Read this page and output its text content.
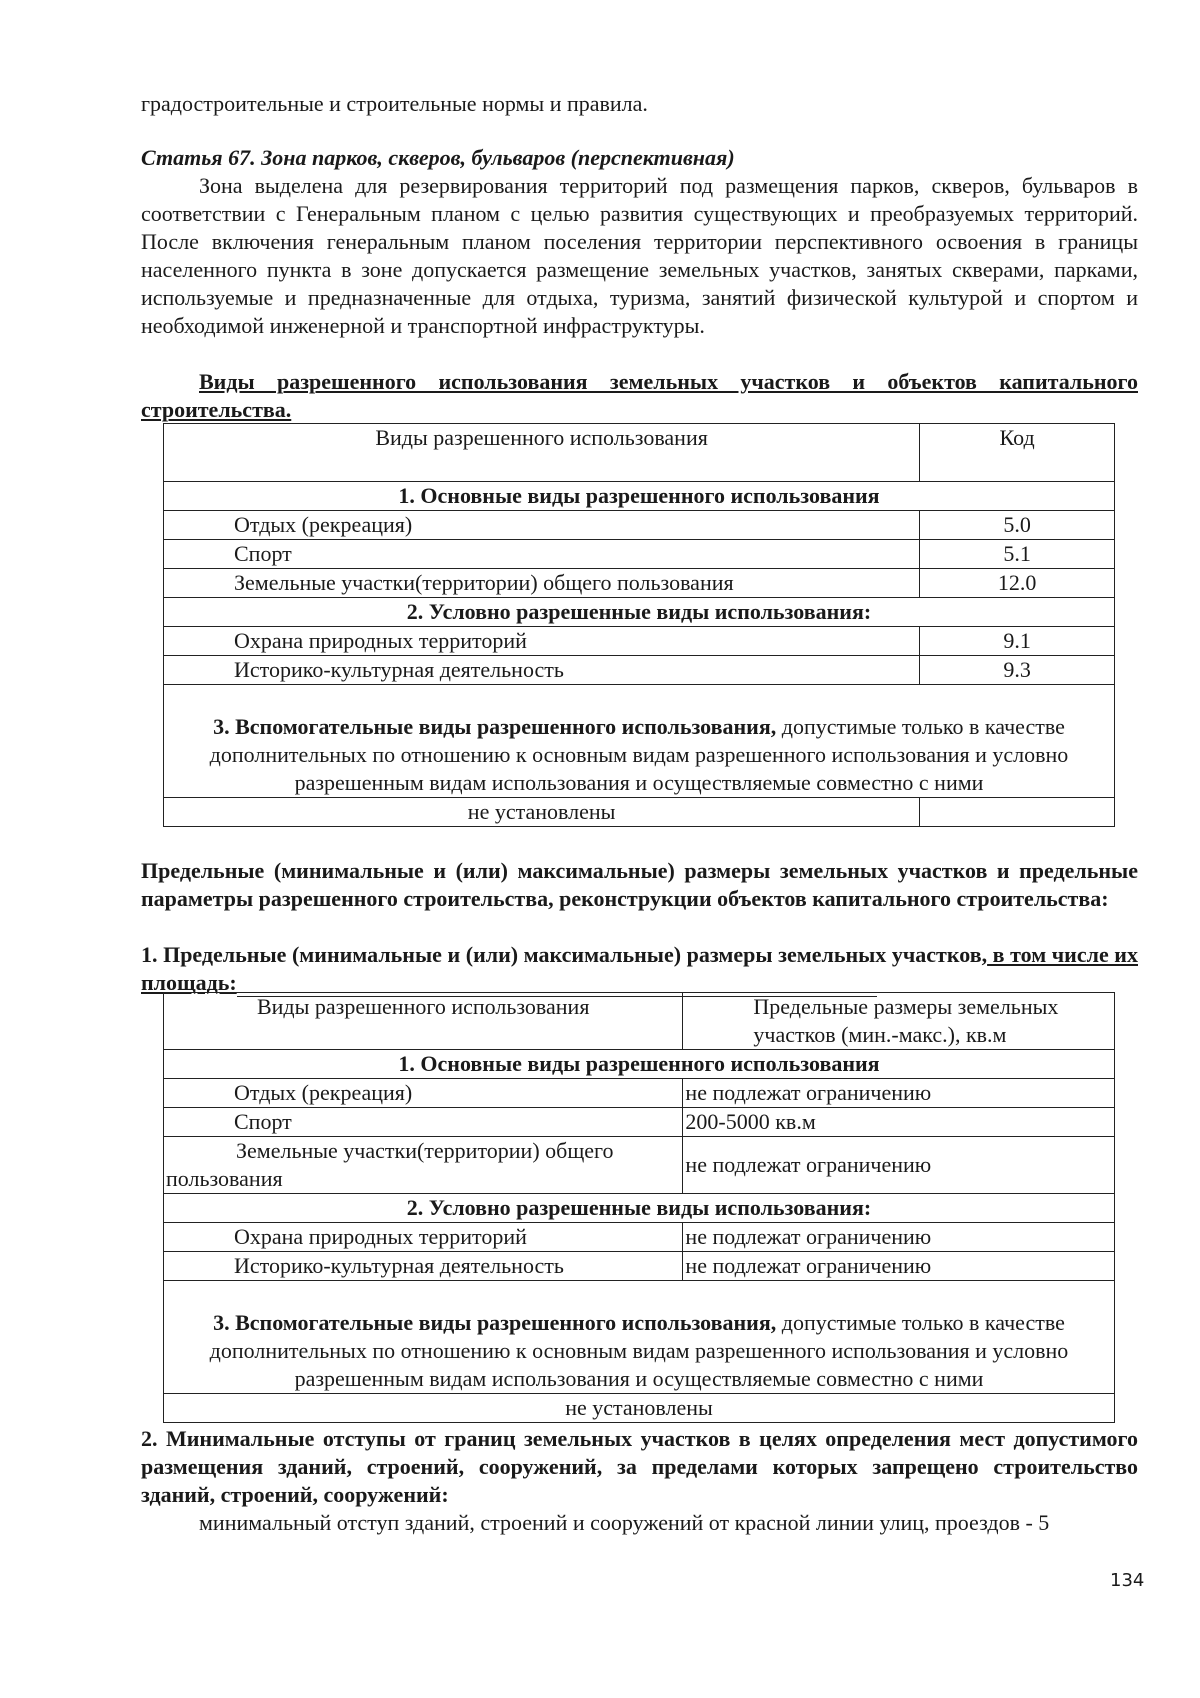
градостроительные и строительные нормы и правила.

Статья 67. Зона парков, скверов, бульваров (перспективная)

Зона выделена для резервирования территорий под размещения парков, скверов, бульваров в соответствии с Генеральным планом с целью развития существующих и преобразуемых территорий. После включения генеральным планом поселения территории перспективного освоения в границы населенного пункта в зоне допускается размещение земельных участков, занятых скверами, парками, используемые и предназначенные для отдыха, туризма, занятий физической культурой и спортом и необходимой инженерной и транспортной инфраструктуры.

Виды разрешенного использования земельных участков и объектов капитального строительства.

Виды разрешенного использования	Код
1. Основные виды разрешенного использования	
Отдых (рекреация)	5.0
Спорт	5.1
Земельные участки(территории) общего пользования	12.0
2. Условно разрешенные виды использования:	
Охрана природных территорий	9.1
Историко-культурная деятельность	9.3
3. Вспомогательные виды разрешенного использования, допустимые только в качестве дополнительных по отношению к основным видам разрешенного использования и условно разрешенным видам использования и осуществляемые совместно с ними	
не установлены	

Предельные (минимальные и (или) максимальные) размеры земельных участков и предельные параметры разрешенного строительства, реконструкции объектов капитального строительства:

1. Предельные (минимальные и (или) максимальные) размеры земельных участков, в том числе их площадь:

Виды разрешенного использования	Предельные размеры земельных участков (мин.-макс.), кв.м
1. Основные виды разрешенного использования	
Отдых (рекреация)	не подлежат ограничению
Спорт	200-5000 кв.м
Земельные участки(территории) общего пользования	не подлежат ограничению
2. Условно разрешенные виды использования:	
Охрана природных территорий	не подлежат ограничению
Историко-культурная деятельность	не подлежат ограничению
3. Вспомогательные виды разрешенного использования, допустимые только в качестве дополнительных по отношению к основным видам разрешенного использования и условно разрешенным видам использования и осуществляемые совместно с ними	
не установлены	

2. Минимальные отступы от границ земельных участков в целях определения мест допустимого размещения зданий, строений, сооружений, за пределами которых запрещено строительство зданий, строений, сооружений:

минимальный отступ зданий, строений и сооружений от красной линии улиц, проездов - 5

134
